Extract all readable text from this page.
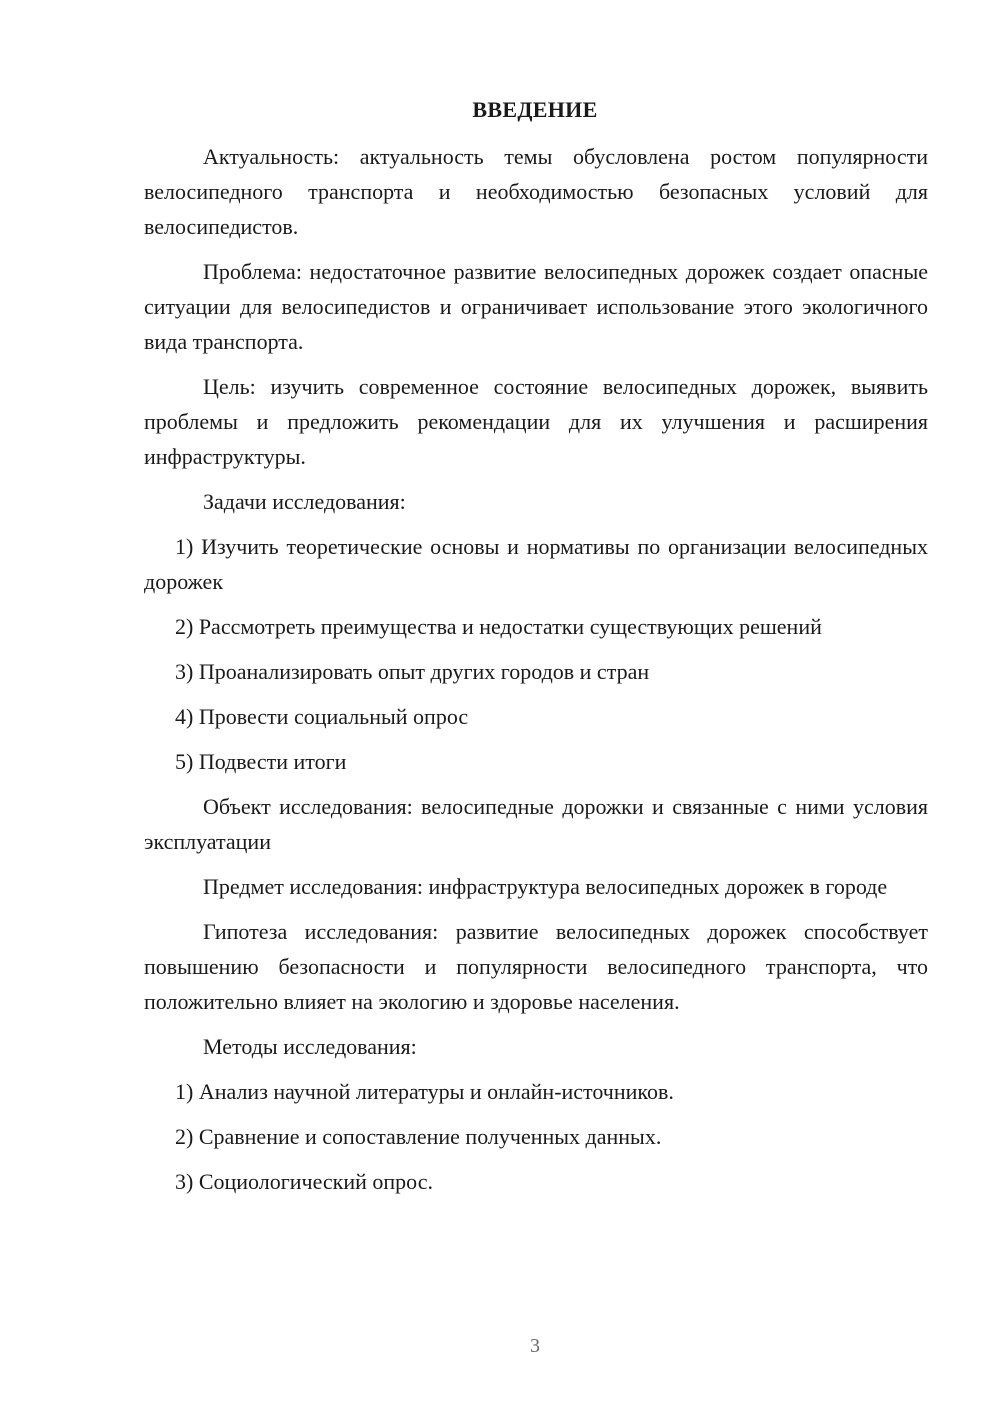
ВВЕДЕНИЕ

Актуальность: актуальность темы обусловлена ростом популярности велосипедного транспорта и необходимостью безопасных условий для велосипедистов.

Проблема: недостаточное развитие велосипедных дорожек создает опасные ситуации для велосипедистов и ограничивает использование этого экологичного вида транспорта.

Цель: изучить современное состояние велосипедных дорожек, выявить проблемы и предложить рекомендации для их улучшения и расширения инфраструктуры.

Задачи исследования:

1) Изучить теоретические основы и нормативы по организации велосипедных дорожек

2) Рассмотреть преимущества и недостатки существующих решений

3) Проанализировать опыт других городов и стран

4) Провести социальный опрос

5) Подвести итоги

Объект исследования: велосипедные дорожки и связанные с ними условия эксплуатации

Предмет исследования: инфраструктура велосипедных дорожек в городе

Гипотеза исследования: развитие велосипедных дорожек способствует повышению безопасности и популярности велосипедного транспорта, что положительно влияет на экологию и здоровье населения.

Методы исследования:

1) Анализ научной литературы и онлайн-источников.

2) Сравнение и сопоставление полученных данных.

3) Социологический опрос.

3
